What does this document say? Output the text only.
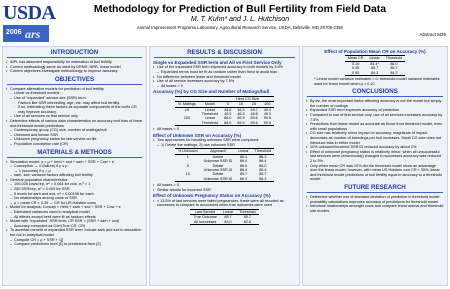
USDA
2006 ars
Methodology for Prediction of Bull Fertility from Field Data
M. T. Kuhn* and J. L. Hutchison
Animal Improvement Programs Laboratory, Agricultural Research Service, USDA, Beltsville, MD 20705-2350
Abstract M26
INTRODUCTION
• AIPL has assumed responsibility for estimation of bull fertility
• Current methodology same as used by DRMS, NRR, linear model
• Current objectives investigate methodology to improve accuracy
OBJECTIVES
• Compare alternative models for prediction of bull fertility
– Linear vs threshold models
– Use of "expanded" service sire (SSR) term
· Factors like SSR inbreeding, age, etc. may affect bull fertility.
· If so, estimating these factors as separate components of the bull's CR may improve accuracy.
– Use of all services vs first service only
• Determine effects of various data characteristics on accuracy and bias of linear and threshold model predictions
– Contemporary group (CG) size, number of matings/bull
– Unknown and known SSR
– Unknown pregnancy status for last service on file
– Population conception rate (CR)
MATERIALS & METHODS
• Simulation model: y = μ + herd + sxd + sarh + SSR + Cow + e
– Conception → 0 (failure) if y ≤ μ
→ 1 (success) if y > μ
– sarh, sxd: variance factors affecting bull fertility
• General population characteristics
– 100,025 cows/rep, σ² = 0.064 for cow, σ₂² = 1
– 250 SSR/rep, σ² = 0.009 for SSR
– 5 levels for sarh and sxd, σ² = 0.00195 for each
– No relationships among cows or SSR
– μ = mean CR = 0.35 → CR for US Holstein cows
• Model for analysis: Concep = Herd + sarh + sxd + SSR + Cow + e
– Estimated variances used in analytical model
– All effects except herd were fit as random effects
• Model with "expanded" SSR term: CR SSR = (SSR + sarh + sxd)
– Accuracy computed as Corr(True CR, CR)
• To ascertain benefit of expanded SSR term: include sarh and sxd in simulation but not in analytical model
– Compute CR = μ + SSR + 1[]
– Compare predictions from [1] to predictions from [2]
RESULTS & DISCUSSION
Single vs Expanded SSR term and All vs First Service Only
• Use of the expanded SSR term improved accuracy in both models by 3.5%
– Expanded terms must be fit as random rather than fixed to avoid bias
• No difference between linear and threshold model
• Use of all service increases accuracy by 7.5%
– All bases = 0
Accuracy (%) by CG Size and Number of Matings/bull
		Herd CG Size			
N. Matings	Model	5	10	20	100
10	Linear	45.6	46.3	48.7	49.4
	Threshold	45.5	46.3	48.8	49.3
100	Linear	88.0	89.9	89.6	90.5
	Threshold	88.0	89.9	89.6	90.5
• All bases = 0
Effect of Unknown SSR on Accuracy (%)
• Two approaches for handling unknown SSR were compared:
– 1) Delete the matings, 2) use unknown SSR
% Unknown	Approach	Linear	Threshold
1	Delete	86.3	86.3
	Unknown SSR ID	86.4	86.4
5	Delete	86.0	86.0
	Unknown SSR ID	86.4	86.4
10	Delete	85.7	85.7
	Unknown SSR ID	86.3	86.3
• All bases = 0
• Similar results for incorrect SSR
Effect of Unknown Pregnancy Status on Accuracy (%)
• ≈ 13.5% of last services were failed pregnancies; these were all recoded as successes to compare to accuracies when true outcomes were used
Last Service	Linear	Threshold
True Outcome	85.7	85.7
All successes	83.0	82.8
Effect of Population Mean CR on Accuracy (%)
Mean CR	Linear	Threshold
0.10	84.4*	86.0
0.35	85.7	85.7
0.50	84.3	84.3
* Linear model variance estimable > 0; threshold model variance estimates used for linear model when μ = 0.10
CONCLUSIONS
• By far, the most important factor affecting accuracy is not the model but simply the number of matings
• Expanded SSR term improves accuracy of prediction
• Compared to use of first service only, use of all services increases accuracy by 7.5%
• Predictions from linear model as accurate as those from threshold model, even with small populations
• CG size has relatively minor impact on accuracy; magnitude of impact decreases as number of breedings per bull increases. Small CG size does not introduce bias in either model
• 10% unknown/incorrect SSR ID reduced accuracy by about 2%
• Effect of unknown pregnancy status is relatively minor; when all unsuccessful last services were (erroneously) changed to successes accuracy was reduced 2 to 3%
• Only when mean CR was 10% did the threshold model show an advantage over the linear model; however, with mean US Holstein cow CR ≈ 35%, linear and threshold model predictions of bull fertility equal in accuracy to a threshold model
FUTURE RESEARCH
• Determine whether use of standard deviation of prediction in threshold model probability calculations improves accuracy of predictions for threshold model
• Introduce relationships amongst cows and compare linear animal and threshold sire models
